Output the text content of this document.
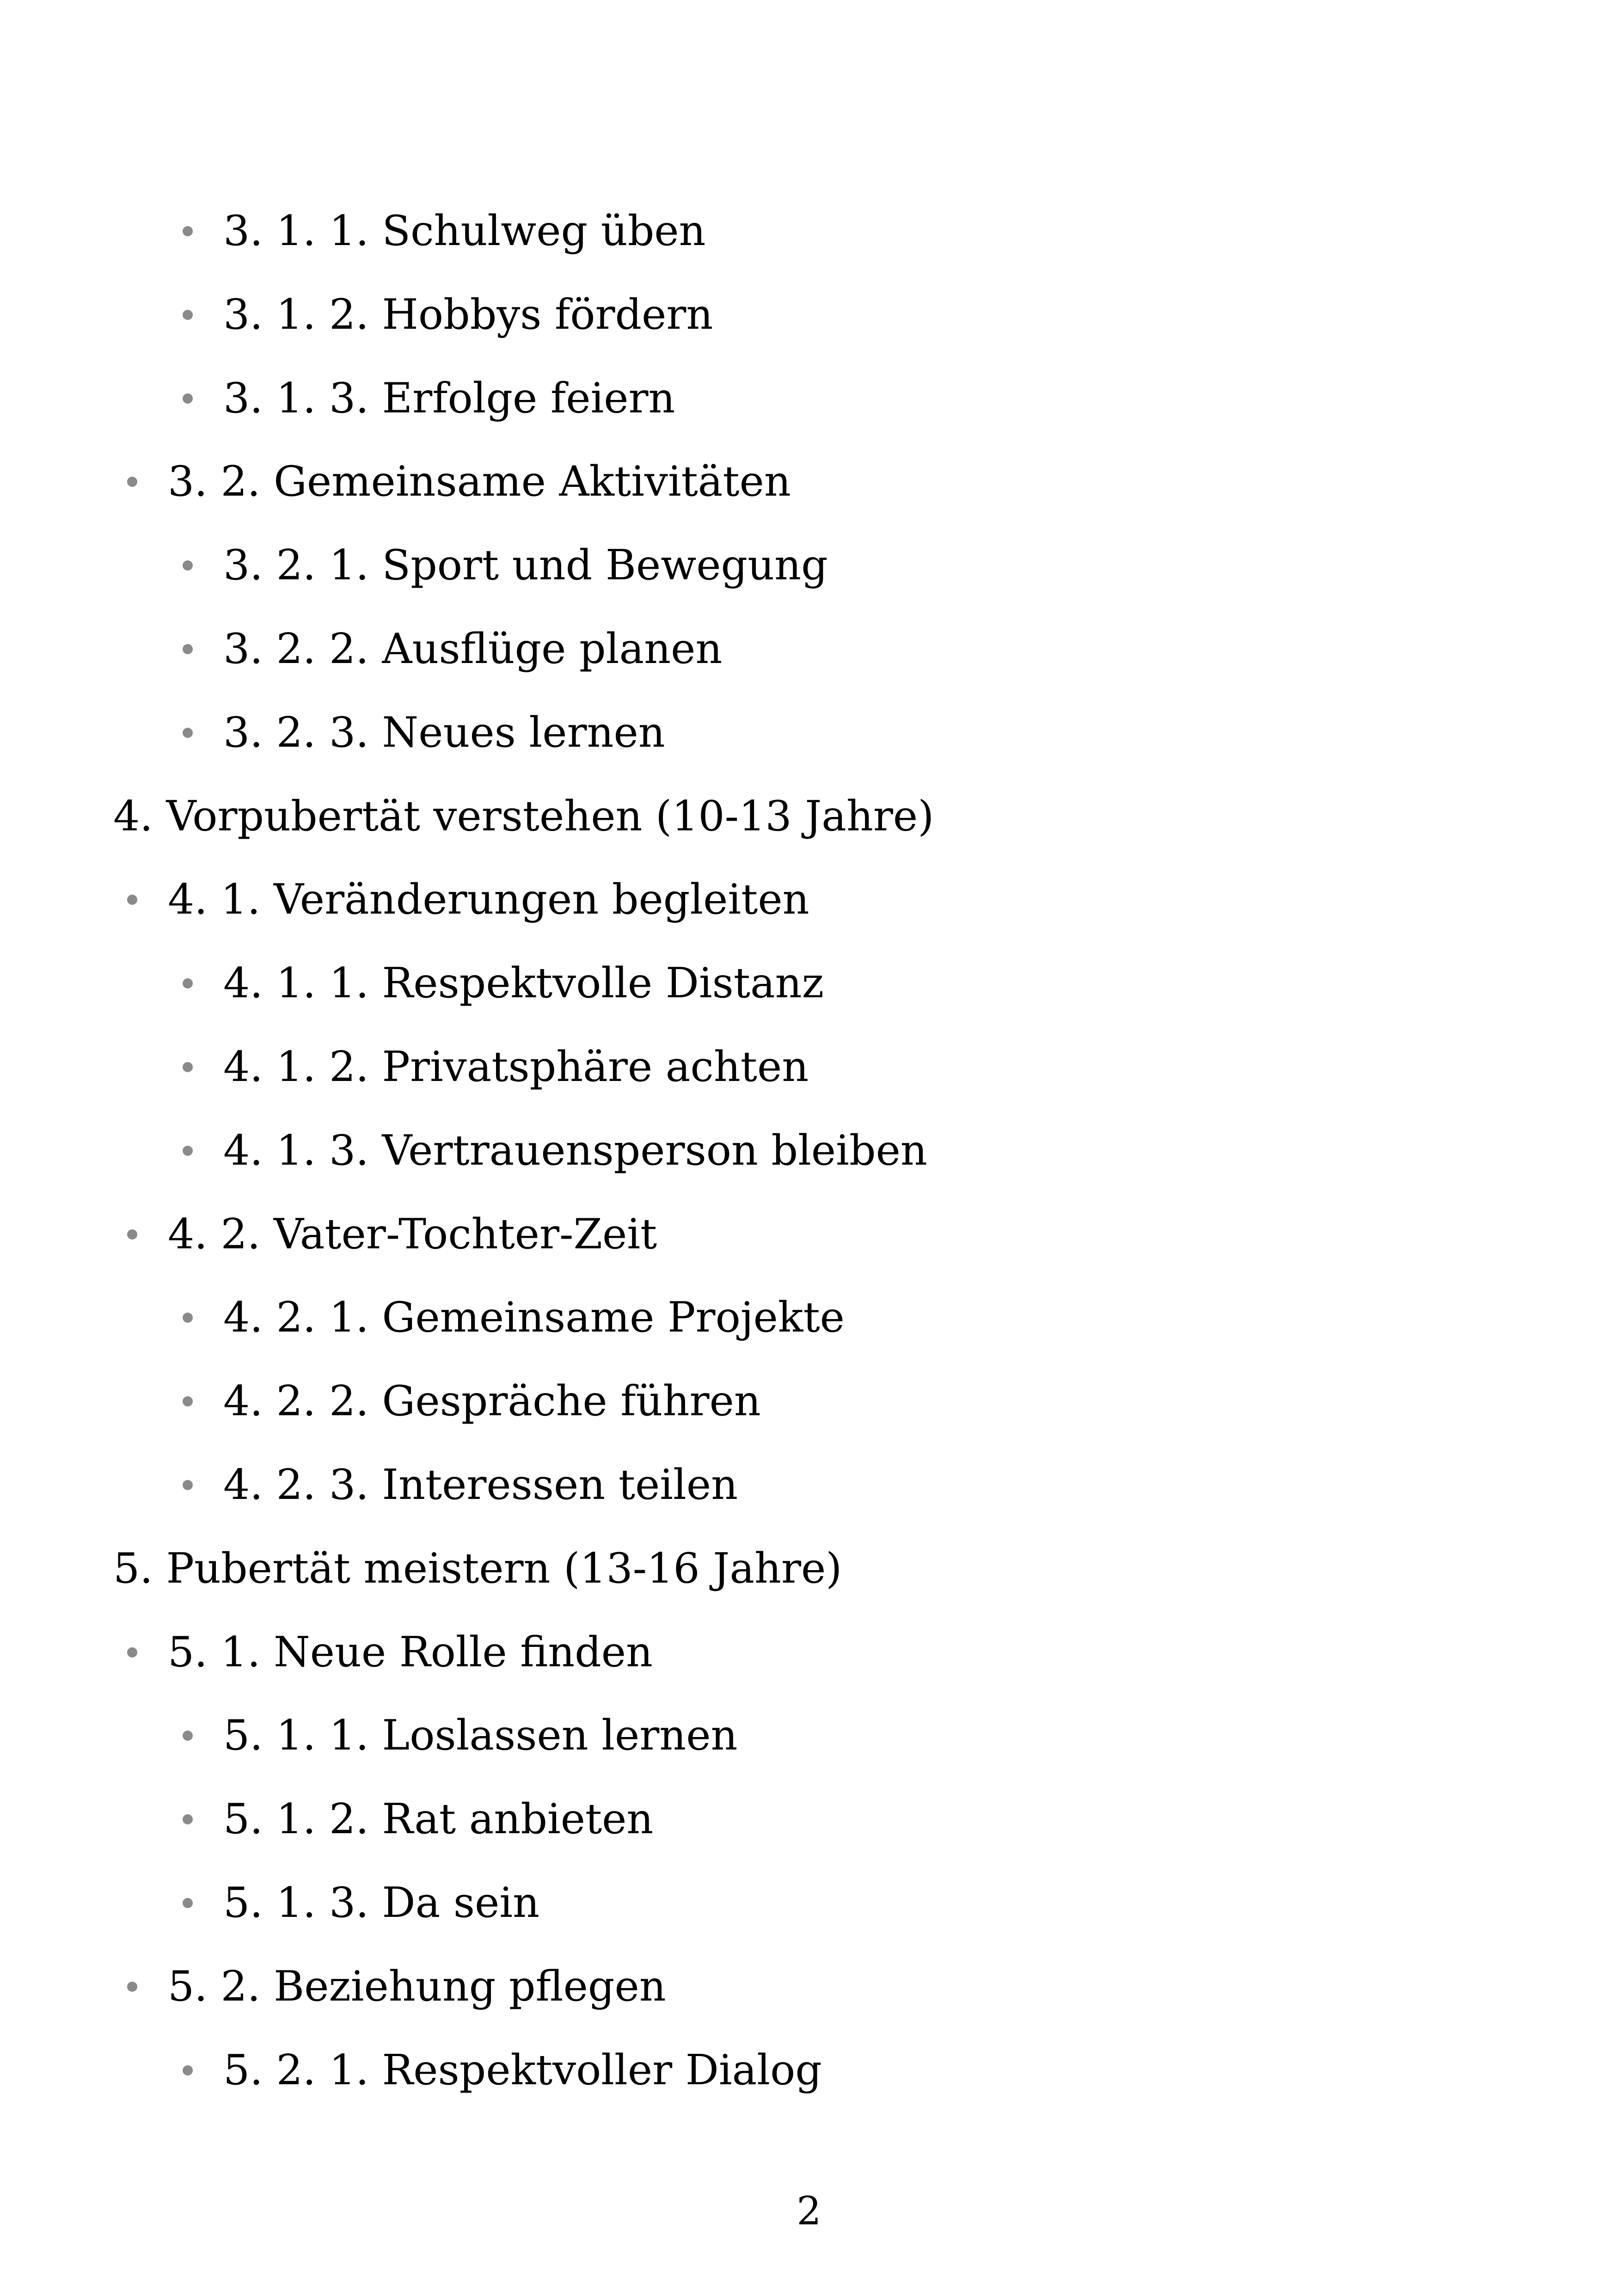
3. 1. 1. Schulweg üben
3. 1. 2. Hobbys fördern
3. 1. 3. Erfolge feiern
3. 2. Gemeinsame Aktivitäten
3. 2. 1. Sport und Bewegung
3. 2. 2. Ausflüge planen
3. 2. 3. Neues lernen
4. Vorpubertät verstehen (10-13 Jahre)
4. 1. Veränderungen begleiten
4. 1. 1. Respektvolle Distanz
4. 1. 2. Privatsphäre achten
4. 1. 3. Vertrauensperson bleiben
4. 2. Vater-Tochter-Zeit
4. 2. 1. Gemeinsame Projekte
4. 2. 2. Gespräche führen
4. 2. 3. Interessen teilen
5. Pubertät meistern (13-16 Jahre)
5. 1. Neue Rolle finden
5. 1. 1. Loslassen lernen
5. 1. 2. Rat anbieten
5. 1. 3. Da sein
5. 2. Beziehung pflegen
5. 2. 1. Respektvoller Dialog
2
